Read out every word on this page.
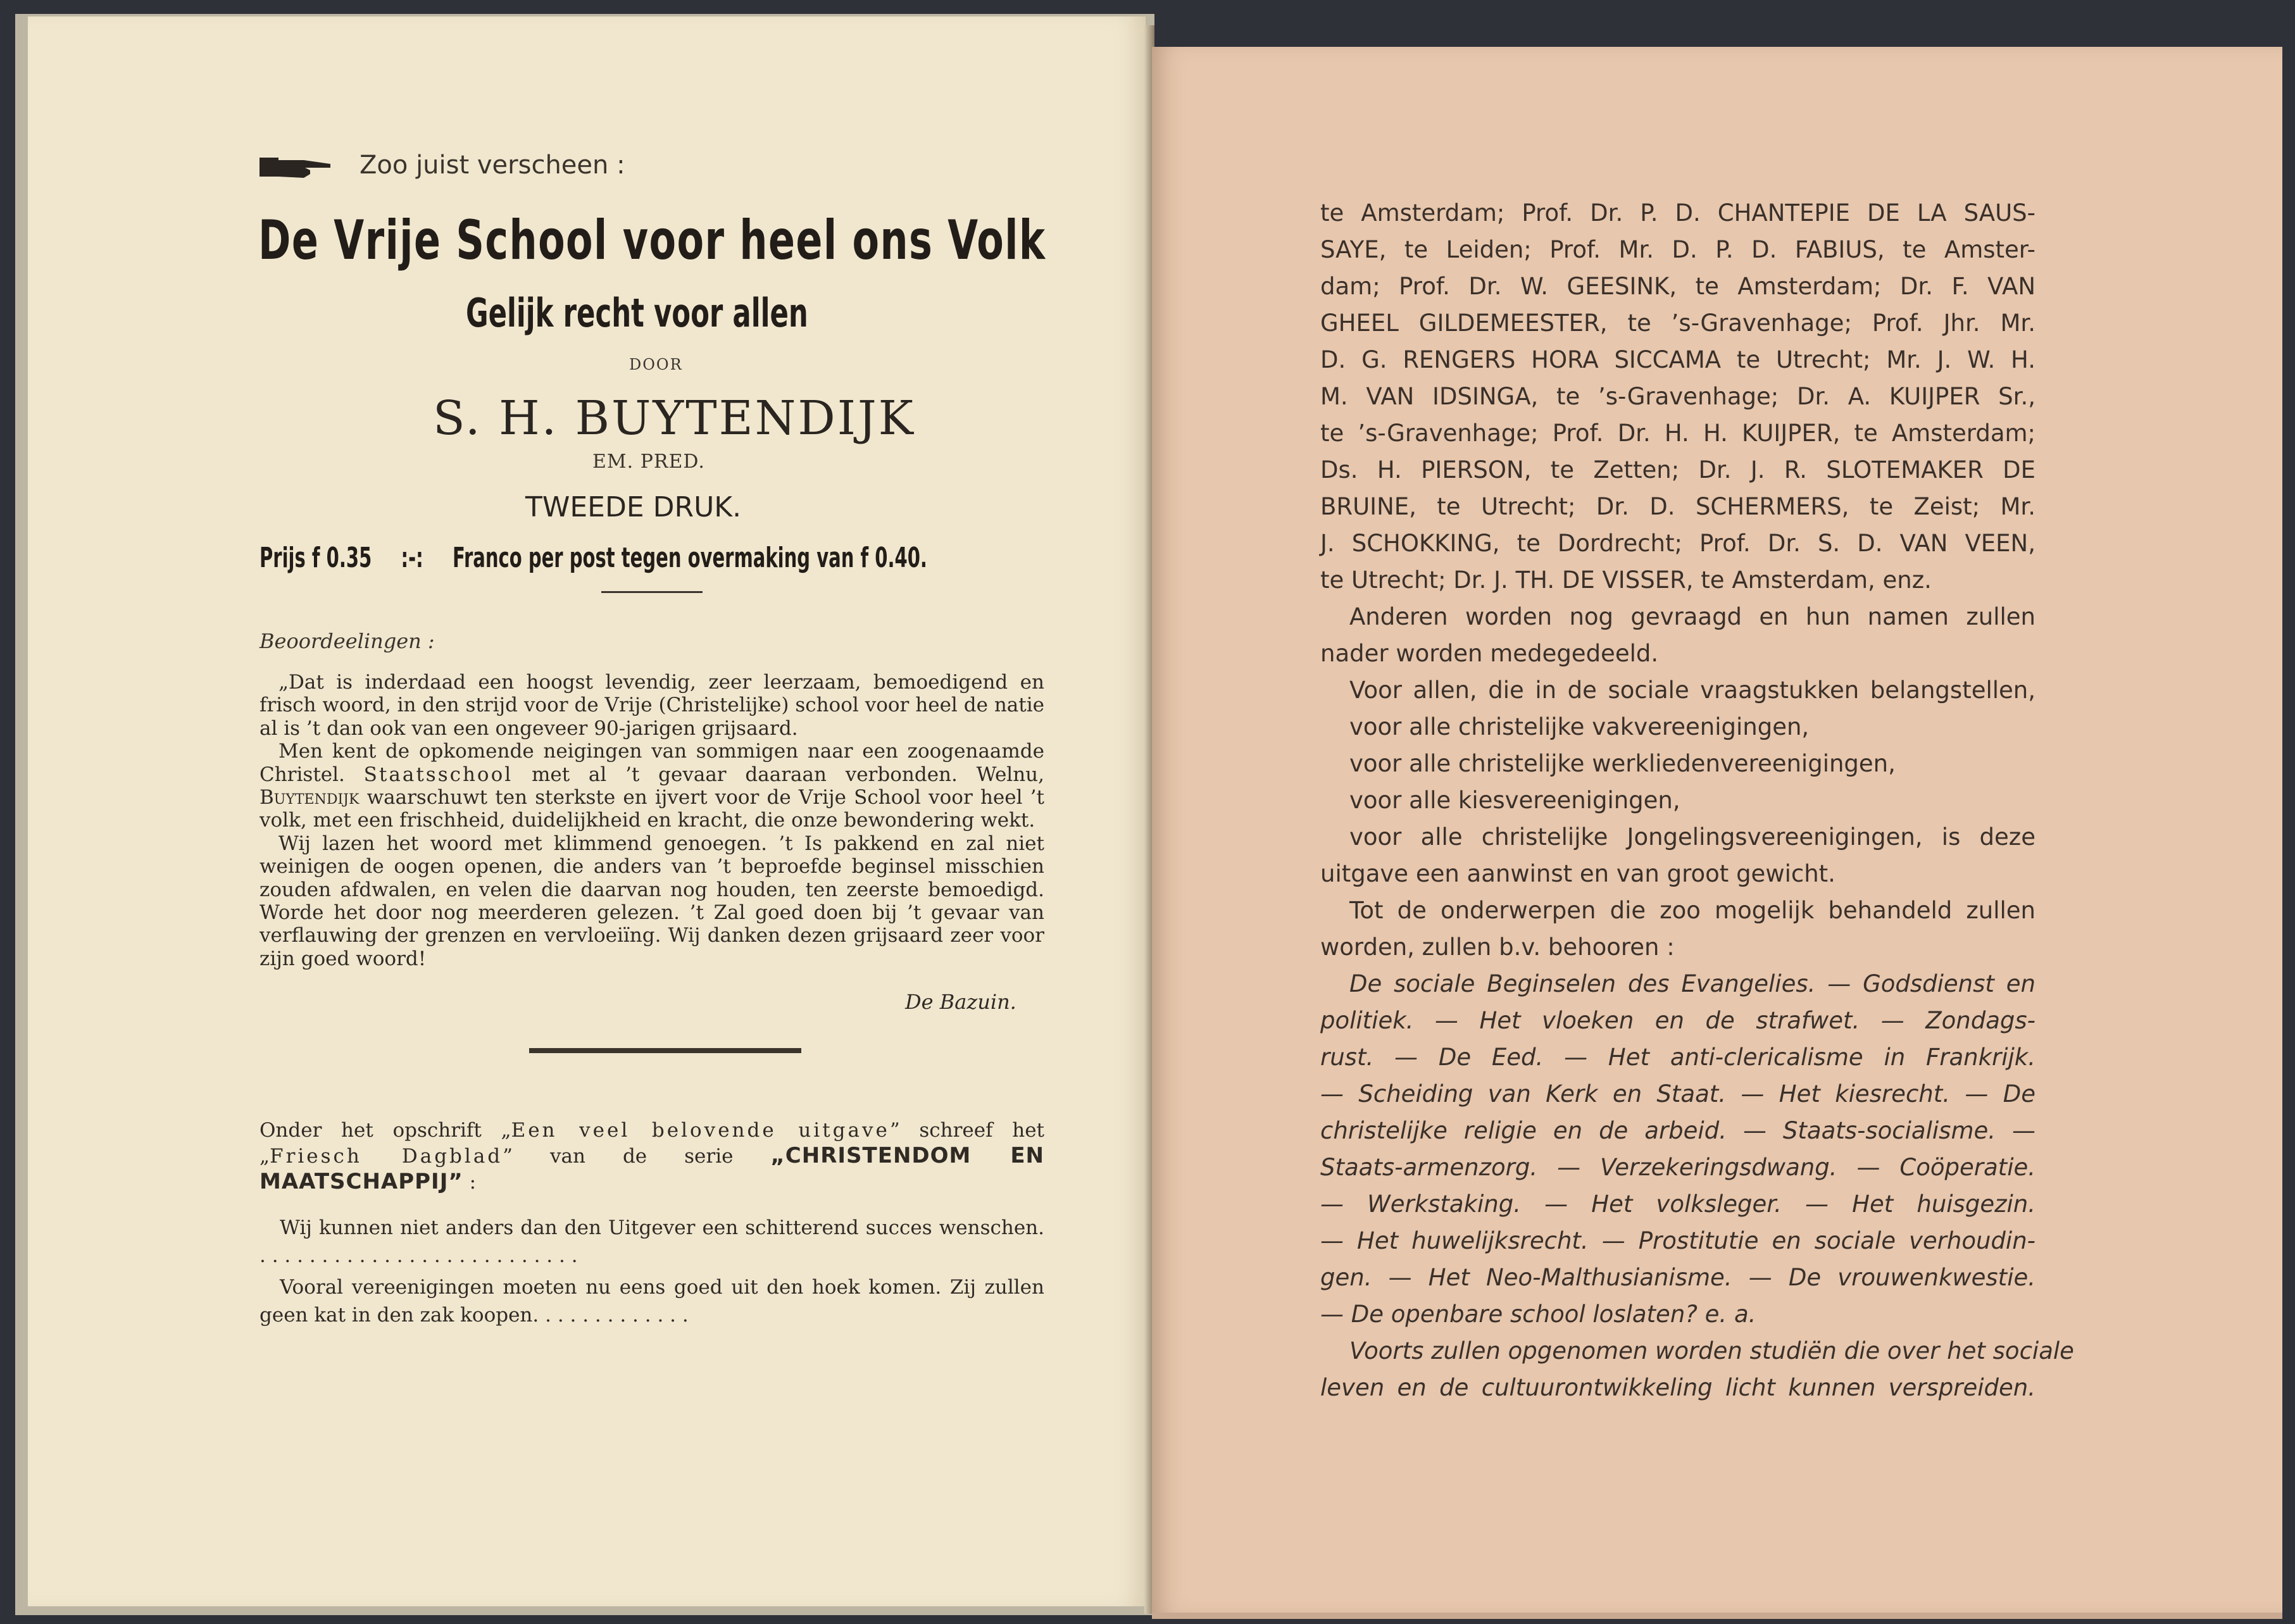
Zoo juist verscheen :
De Vrije School voor heel ons Volk
Gelijk recht voor allen
DOOR
S. H. BUYTENDIJK
EM. PRED.
TWEEDE DRUK.
Prijs f 0.35 :-: Franco per post tegen overmaking van f 0.40.
Beoordeelingen :

„Dat is inderdaad een hoogst levendig, zeer leerzaam, bemoedigend en frisch woord, in den strijd voor de Vrije (Christelijke) school voor heel de natie al is ’t dan ook van een ongeveer 90-jarigen grijsaard.

Men kent de opkomende neigingen van sommigen naar een zoogenaamde Christel. Staatsschool met al ’t gevaar daaraan verbonden. Welnu, Buytendijk waarschuwt ten sterkste en ijvert voor de Vrije School voor heel ’t volk, met een frischheid, duidelijkheid en kracht, die onze bewondering wekt.

Wij lazen het woord met klimmend genoegen. ’t Is pakkend en zal niet weinigen de oogen openen, die anders van ’t beproefde beginsel misschien zouden afdwalen, en velen die daarvan nog houden, ten zeerste bemoedigd. Worde het door nog meerderen gelezen. ’t Zal goed doen bij ’t gevaar van verflauwing der grenzen en vervloeiïng. Wij danken dezen grijsaard zeer voor zijn goed woord!

De Bazuin.

Onder het opschrift „Een veel belovende uitgave” schreef het „Friesch Dagblad” van de serie „CHRISTENDOM EN MAATSCHAPPIJ” :

Wij kunnen niet anders dan den Uitgever een schitterend succes wenschen. . . . . . . . . . . . . . . . . . . . . . . . . . .

Vooral vereenigingen moeten nu eens goed uit den hoek komen. Zij zullen geen kat in den zak koopen. . . . . . . . . . . . .

te Amsterdam; Prof. Dr. P. D. CHANTEPIE DE LA SAUS-
SAYE, te Leiden; Prof. Mr. D. P. D. FABIUS, te Amster-
dam; Prof. Dr. W. GEESINK, te Amsterdam; Dr. F. VAN
GHEEL GILDEMEESTER, te ’s-Gravenhage; Prof. Jhr. Mr.
D. G. RENGERS HORA SICCAMA te Utrecht; Mr. J. W. H.
M. VAN IDSINGA, te ’s-Gravenhage; Dr. A. KUIJPER Sr.,
te ’s-Gravenhage; Prof. Dr. H. H. KUIJPER, te Amsterdam;
Ds. H. PIERSON, te Zetten; Dr. J. R. SLOTEMAKER DE
BRUINE, te Utrecht; Dr. D. SCHERMERS, te Zeist; Mr.
J. SCHOKKING, te Dordrecht; Prof. Dr. S. D. VAN VEEN,
te Utrecht; Dr. J. TH. DE VISSER, te Amsterdam, enz.
Anderen worden nog gevraagd en hun namen zullen
nader worden medegedeeld.
Voor allen, die in de sociale vraagstukken belangstellen,
voor alle christelijke vakvereenigingen,
voor alle christelijke werkliedenvereenigingen,
voor alle kiesvereenigingen,
voor alle christelijke Jongelingsvereenigingen, is deze
uitgave een aanwinst en van groot gewicht.
Tot de onderwerpen die zoo mogelijk behandeld zullen
worden, zullen b.v. behooren :
De sociale Beginselen des Evangelies. — Godsdienst en
politiek. — Het vloeken en de strafwet. — Zondags-
rust. — De Eed. — Het anti-clericalisme in Frankrijk.
— Scheiding van Kerk en Staat. — Het kiesrecht. — De
christelijke religie en de arbeid. — Staats-socialisme. —
Staats-armenzorg. — Verzekeringsdwang. — Coöperatie.
— Werkstaking. — Het volksleger. — Het huisgezin.
— Het huwelijksrecht. — Prostitutie en sociale verhoudin-
gen. — Het Neo-Malthusianisme. — De vrouwenkwestie.
— De openbare school loslaten? e. a.
Voorts zullen opgenomen worden studiën die over het sociale
leven en de cultuurontwikkeling licht kunnen verspreiden.
